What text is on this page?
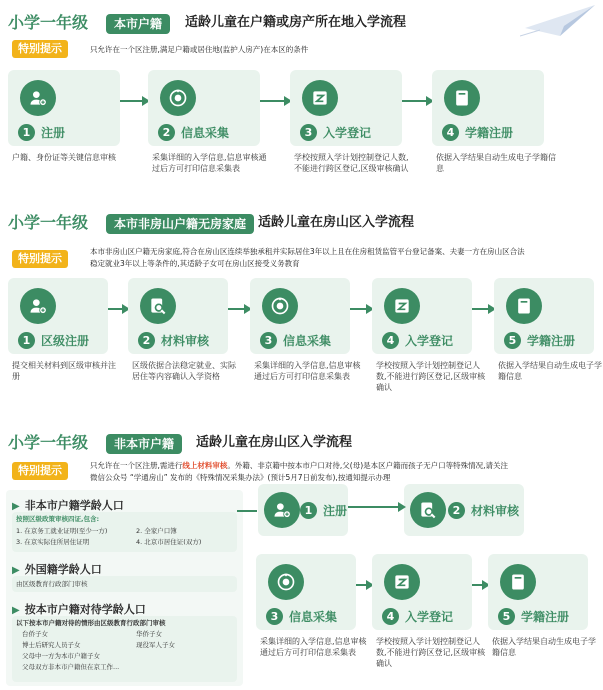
小学一年级	本市户籍	适龄儿童在户籍或房产所在地入学流程
特别提示	只允许在一个区注册,满足户籍或居住地(监护人房产)在本区的条件
1 注册
户籍、身份证等关键信息审核
2 信息采集
采集详细的入学信息,信息审核通过后方可打印信息采集表
3 入学登记
学校按照入学计划控制登记人数,不能进行跨区登记,区级审核确认
4 学籍注册
依据入学结果自动生成电子学籍信息
小学一年级	本市非房山户籍无房家庭 适龄儿童在房山区入学流程
特别提示
本市非房山区户籍无房家庭,符合在房山区连续举独承租并实际居住3年以上且在住房租赁监管平台登记备案、夫妻一方在房山区合法
稳定就业3年以上等条件的,其适龄子女可在房山区接受义务教育
1 区级注册
提交相关材料到区级审核并注册
2 材料审核
区级依据合法稳定就业、实际居住等内容确认入学资格
3 信息采集
采集详细的入学信息,信息审核通过后方可打印信息采集表
4 入学登记
学校按照入学计划控制登记人数,不能进行跨区登记,区级审核确认
5 学籍注册
依据入学结果自动生成电子学籍信息
小学一年级	非本市户籍	适龄儿童在房山区入学流程
特别提示	只允许在一个区注册,需进行线上材料审核。外籍、非京籍中按本市户口对待,父(母)是本区户籍而孩子无户口等特殊情况,请关注
微信公众号 “学通房山” 发布的《特殊情况采集办法》(预计5月7日前发布),按通知提示办理
▶ 非本市户籍学龄人口
按照区级政策审核四证,包含:
1. 在京务工就业证明(至少一方)	2. 全家户口簿
3. 在京实际住所居住证明	4. 北京市居住证(双方)
▶ 外国籍学龄人口
由区级教育行政部门审核
▶ 按本市户籍对待学龄人口
以下按本市户籍对待的情形由区级教育行政部门审核
台侨子女	华侨子女
博士后研究人员子女	现役军人子女
父母中一方为本市户籍子女
父母双方非本市户籍但在京工作...
1 注册	2 材料审核
3 信息采集
采集详细的入学信息,信息审核通过后方可打印信息采集表
4 入学登记
学校按照入学计划控制登记人数,不能进行跨区登记,区级审核确认
5 学籍注册
依据入学结果自动生成电子学籍信息
